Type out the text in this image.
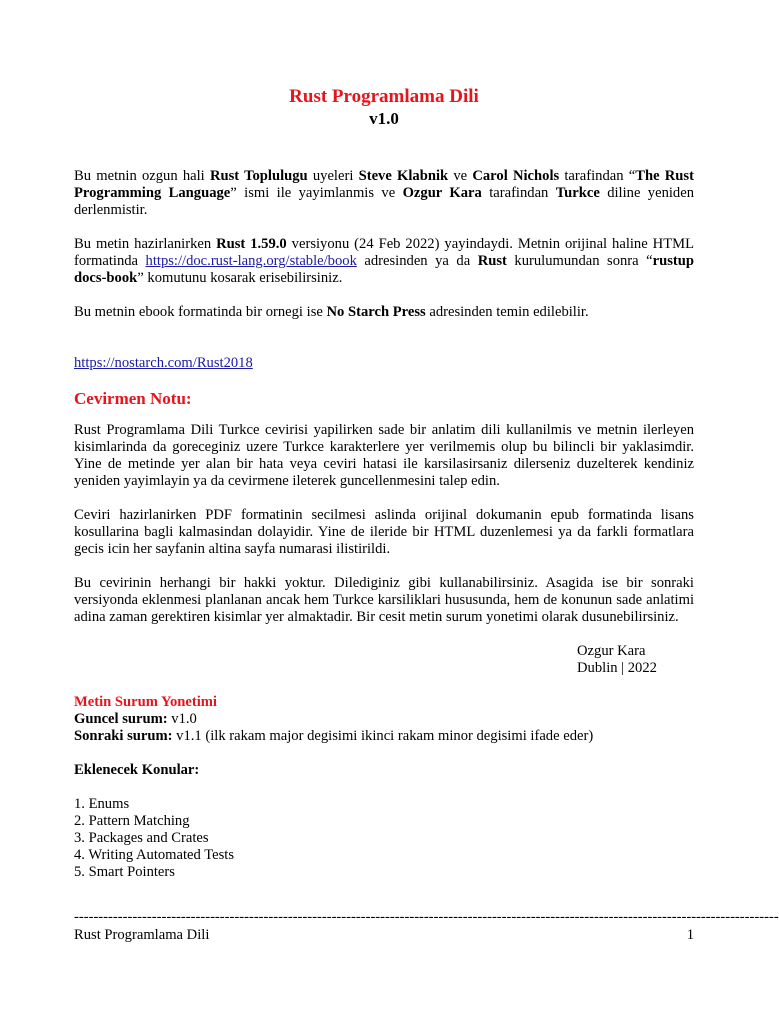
Rust Programlama Dili
v1.0

Bu metnin ozgun hali Rust Toplulugu uyeleri Steve Klabnik ve Carol Nichols tarafindan “The Rust Programming Language” ismi ile yayimlanmis ve Ozgur Kara tarafindan Turkce diline yeniden derlenmistir.

Bu metin hazirlanirken Rust 1.59.0 versiyonu (24 Feb 2022) yayindaydi. Metnin orijinal haline HTML formatinda https://doc.rust-lang.org/stable/book adresinden ya da Rust kurulumundan sonra “rustup docs-book” komutunu kosarak erisebilirsiniz.

Bu metnin ebook formatinda bir ornegi ise No Starch Press adresinden temin edilebilir.

https://nostarch.com/Rust2018

Cevirmen Notu:

Rust Programlama Dili Turkce cevirisi yapilirken sade bir anlatim dili kullanilmis ve metnin ilerleyen kisimlarinda da goreceginiz uzere Turkce karakterlere yer verilmemis olup bu bilincli bir yaklasimdir. Yine de metinde yer alan bir hata veya ceviri hatasi ile karsilasirsaniz dilerseniz duzelterek kendiniz yeniden yayimlayin ya da cevirmene ileterek guncellenmesini talep edin.

Ceviri hazirlanirken PDF formatinin secilmesi aslinda orijinal dokumanin epub formatinda lisans kosullarina bagli kalmasindan dolayidir. Yine de ileride bir HTML duzenlemesi ya da farkli formatlara gecis icin her sayfanin altina sayfa numarasi ilistirildi.

Bu cevirinin herhangi bir hakki yoktur. Dilediginiz gibi kullanabilirsiniz. Asagida ise bir sonraki versiyonda eklenmesi planlanan ancak hem Turkce karsiliklari hususunda, hem de konunun sade anlatimi adina zaman gerektiren kisimlar yer almaktadir. Bir cesit metin surum yonetimi olarak dusunebilirsiniz.

Ozgur Kara
Dublin | 2022
Metin Surum Yonetimi
Guncel surum: v1.0
Sonraki surum: v1.1 (ilk rakam major degisimi ikinci rakam minor degisimi ifade eder)
Eklenecek Konular:
1. Enums
2. Pattern Matching
3. Packages and Crates
4. Writing Automated Tests
5. Smart Pointers
-------------------------------------------------------------------------------------------------------------------------------------------------
Rust Programlama Dili	1
